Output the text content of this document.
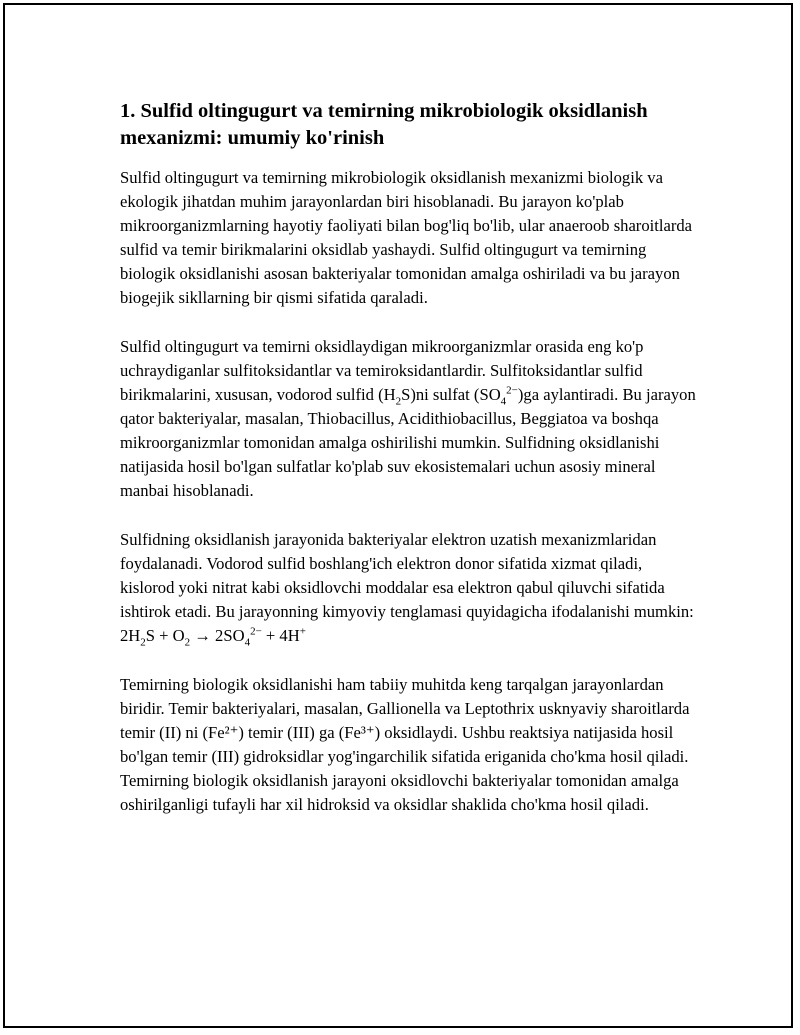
1. Sulfid oltingugurt va temirning mikrobiologik oksidlanish mexanizmi: umumiy ko'rinish

Sulfid oltingugurt va temirning mikrobiologik oksidlanish mexanizmi biologik va ekologik jihatdan muhim jarayonlardan biri hisoblanadi. Bu jarayon ko'plab mikroorganizmlarning hayotiy faoliyati bilan bog'liq bo'lib, ular anaeroob sharoitlarda sulfid va temir birikmalarini oksidlab yashaydi. Sulfid oltingugurt va temirning biologik oksidlanishi asosan bakteriyalar tomonidan amalga oshiriladi va bu jarayon biogejik sikllarning bir qismi sifatida qaraladi.

Sulfid oltingugurt va temirni oksidlaydigan mikroorganizmlar orasida eng ko'p uchraydiganlar sulfitoksidantlar va temiroksidantlardir. Sulfitoksidantlar sulfid birikmalarini, xususan, vodorod sulfid $(H_2S)ni$ sulfat $(SO_4^{2-})ga$ aylantiradi. Bu jarayon qator bakteriyalar, masalan, Thiobacillus, Acidithiobacillus, Beggiatoa va boshqa mikroorganizmlar tomonidan amalga oshirilishi mumkin. Sulfidning oksidlanishi natijasida hosil bo'lgan sulfatlar ko'plab suv ekosistemalari uchun asosiy mineral manbai hisoblanadi.

Sulfidning oksidlanish jarayonida bakteriyalar elektron uzatish mexanizmlaridan foydalanadi. Vodorod sulfid boshlang'ich elektron donor sifatida xizmat qiladi, kislorod yoki nitrat kabi oksidlovchi moddalar esa elektron qabul qiluvchi sifatida ishtirok etadi. Bu jarayonning kimyoviy tenglamasi quyidagicha ifodalanishi mumkin:
$2H_2S + O_2 \to 2SO_4^{2-} + 4H^+$

Temirning biologik oksidlanishi ham tabiiy muhitda keng tarqalgan jarayonlardan biridir. Temir bakteriyalari, masalan, Gallionella va Leptothrix usknyaviy sharoitlarda temir (II) ni (Fe²⁺) temir (III) ga (Fe³⁺) oksidlaydi. Ushbu reaktsiya natijasida hosil bo'lgan temir (III) gidroksidlar yog'ingarchilik sifatida eriganida cho'kma hosil qiladi. Temirning biologik oksidlanish jarayoni oksidlovchi bakteriyalar tomonidan amalga oshirilganligi tufayli har xil hidroksid va oksidlar shaklida cho'kma hosil qiladi.
